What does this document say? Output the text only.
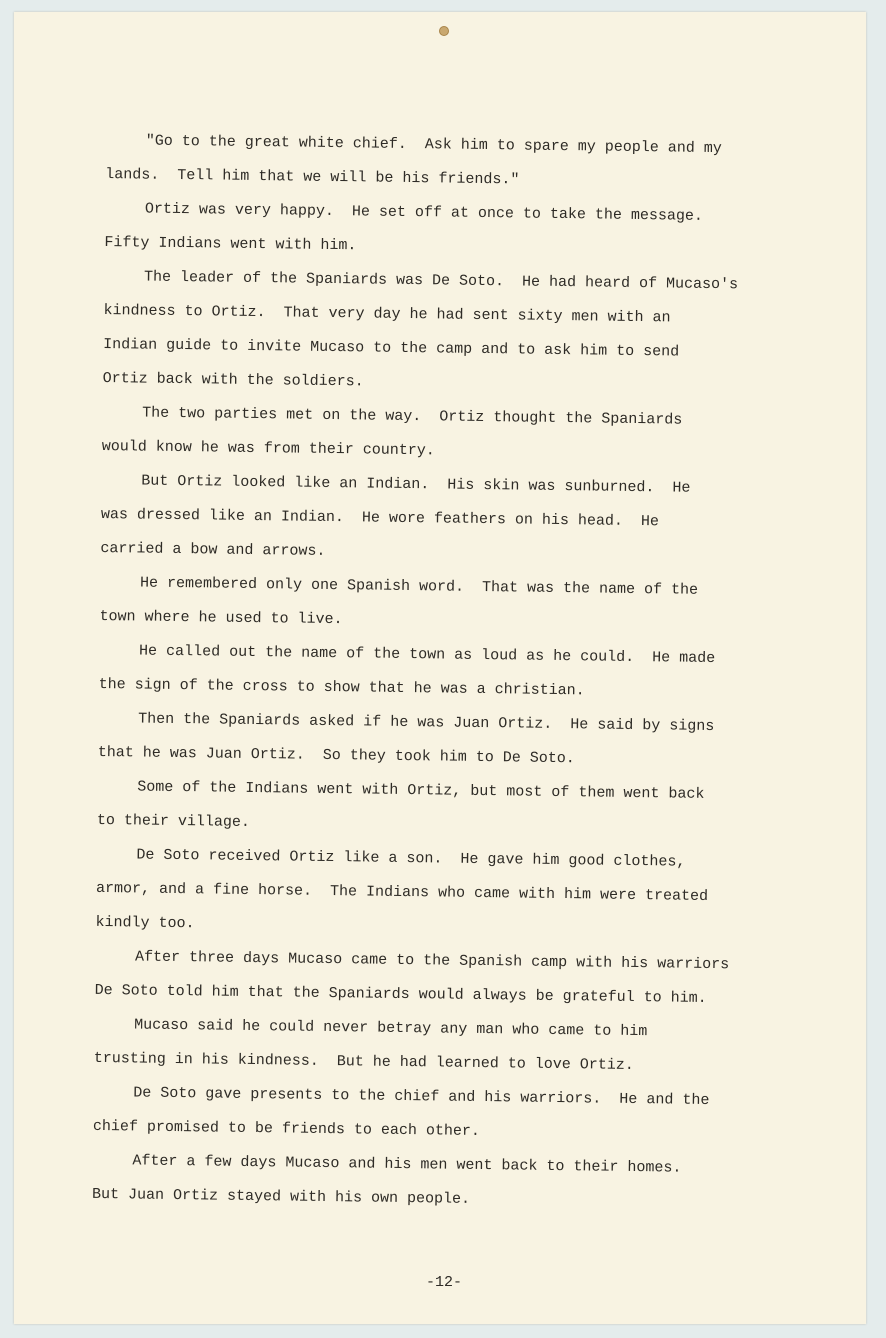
"Go to the great white chief.  Ask him to spare my people and my
lands.  Tell him that we will be his friends."

Ortiz was very happy.  He set off at once to take the message.
Fifty Indians went with him.

The leader of the Spaniards was De Soto.  He had heard of Mucaso's
kindness to Ortiz.  That very day he had sent sixty men with an
Indian guide to invite Mucaso to the camp and to ask him to send
Ortiz back with the soldiers.

The two parties met on the way.  Ortiz thought the Spaniards
would know he was from their country.

But Ortiz looked like an Indian.  His skin was sunburned.  He
was dressed like an Indian.  He wore feathers on his head.  He
carried a bow and arrows.

He remembered only one Spanish word.  That was the name of the
town where he used to live.

He called out the name of the town as loud as he could.  He made
the sign of the cross to show that he was a christian.

Then the Spaniards asked if he was Juan Ortiz.  He said by signs
that he was Juan Ortiz.  So they took him to De Soto.

Some of the Indians went with Ortiz, but most of them went back
to their village.

De Soto received Ortiz like a son.  He gave him good clothes,
armor, and a fine horse.  The Indians who came with him were treated
kindly too.

After three days Mucaso came to the Spanish camp with his warriors
De Soto told him that the Spaniards would always be grateful to him.

Mucaso said he could never betray any man who came to him
trusting in his kindness.  But he had learned to love Ortiz.

De Soto gave presents to the chief and his warriors.  He and the
chief promised to be friends to each other.

After a few days Mucaso and his men went back to their homes.
But Juan Ortiz stayed with his own people.

-12-
